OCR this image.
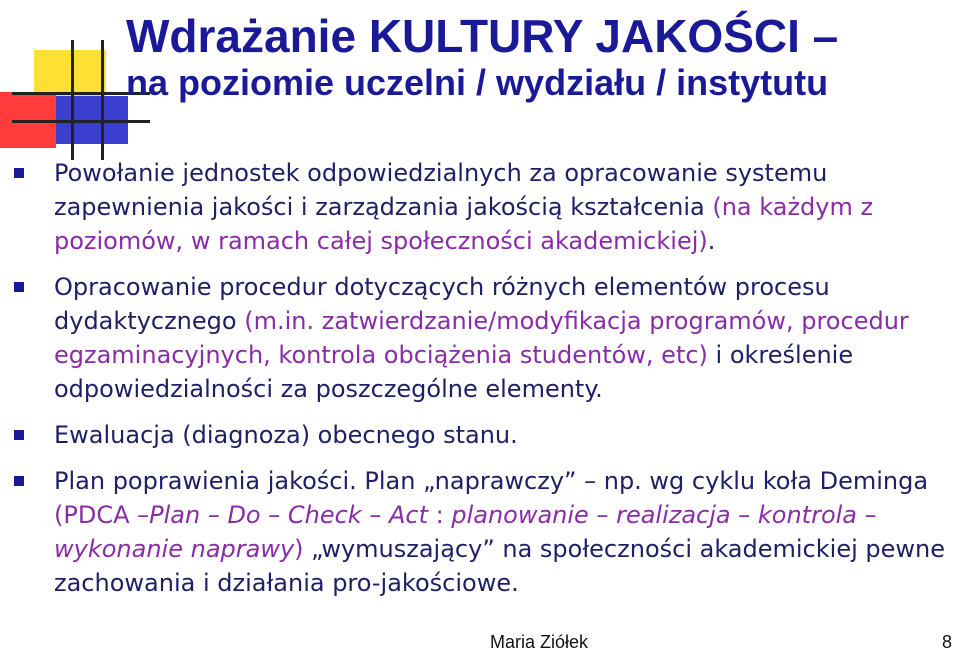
Wdrażanie KULTURY JAKOŚCI –
na poziomie uczelni / wydziału / instytutu
Powołanie jednostek odpowiedzialnych za opracowanie systemu zapewnienia jakości i zarządzania jakością kształcenia (na każdym z poziomów, w ramach całej społeczności akademickiej).
Opracowanie procedur dotyczących różnych elementów procesu dydaktycznego (m.in. zatwierdzanie/modyfikacja programów, procedur egzaminacyjnych, kontrola obciążenia studentów, etc) i określenie odpowiedzialności za poszczególne elementy.
Ewaluacja (diagnoza) obecnego stanu.
Plan poprawienia jakości. Plan „naprawczy” – np. wg cyklu koła Deminga (PDCA –Plan – Do – Check – Act : planowanie – realizacja – kontrola – wykonanie naprawy) „wymuszający” na społeczności akademickiej pewne zachowania i działania pro-jakościowe.
Maria Ziółek	8
